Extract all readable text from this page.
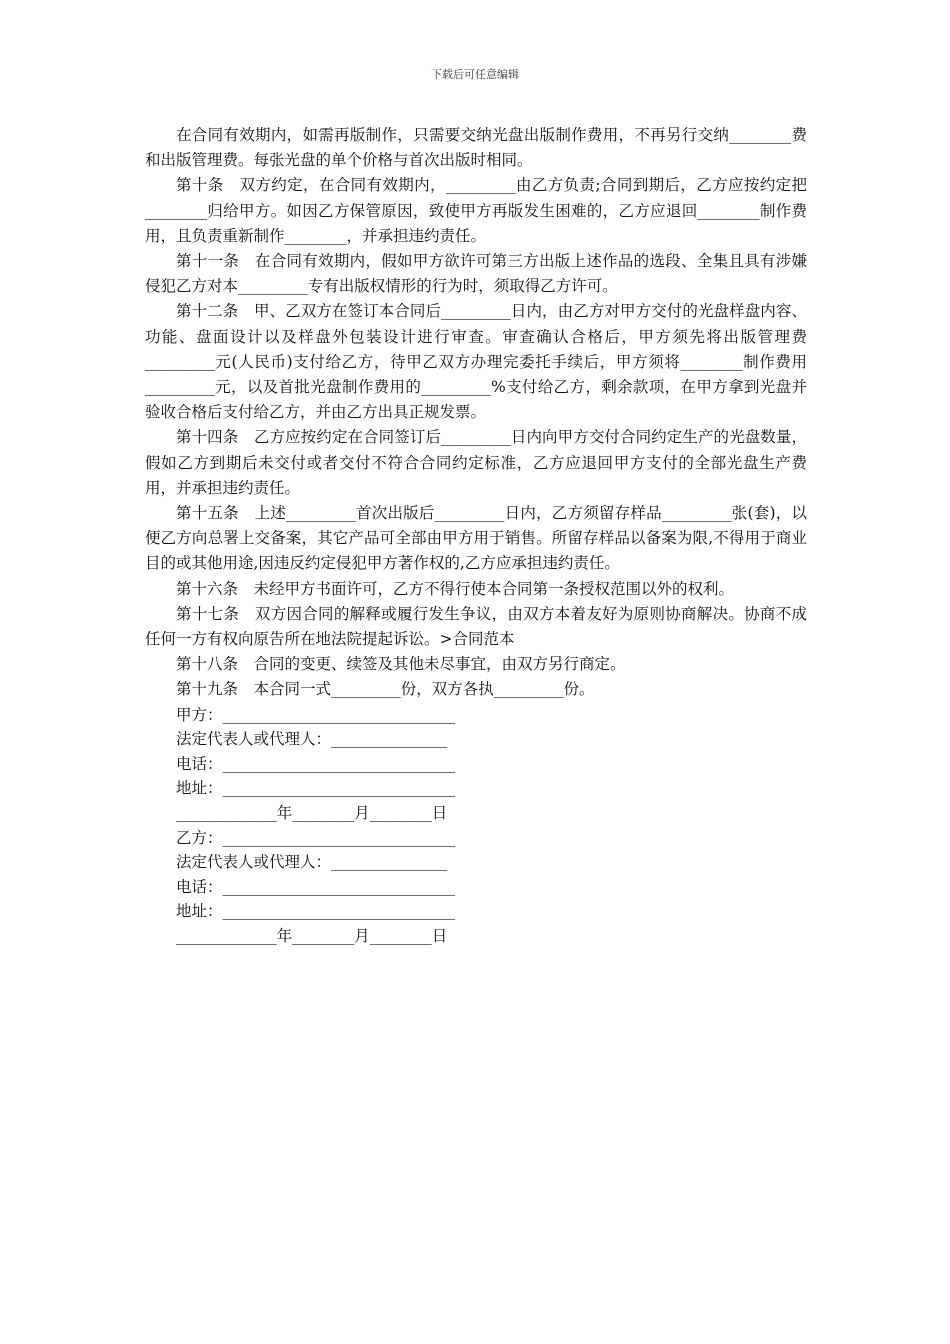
下载后可任意编辑

在合同有效期内，如需再版制作，只需要交纳光盘出版制作费用，不再另行交纳________费和出版管理费。每张光盘的单个价格与首次出版时相同。

第十条　双方约定，在合同有效期内，_________由乙方负责;合同到期后，乙方应按约定把________归给甲方。如因乙方保管原因，致使甲方再版发生困难的，乙方应退回________制作费用，且负责重新制作________，并承担违约责任。

第十一条　在合同有效期内，假如甲方欲许可第三方出版上述作品的选段、全集且具有涉嫌侵犯乙方对本_________专有出版权情形的行为时，须取得乙方许可。

第十二条　甲、乙双方在签订本合同后_________日内，由乙方对甲方交付的光盘样盘内容、功能、盘面设计以及样盘外包装设计进行审查。审查确认合格后，甲方须先将出版管理费_________元(人民币)支付给乙方，待甲乙双方办理完委托手续后，甲方须将________制作费用_________元，以及首批光盘制作费用的_________%支付给乙方，剩余款项，在甲方拿到光盘并验收合格后支付给乙方，并由乙方出具正规发票。

第十四条　乙方应按约定在合同签订后_________日内向甲方交付合同约定生产的光盘数量，假如乙方到期后未交付或者交付不符合合同约定标准，乙方应退回甲方支付的全部光盘生产费用，并承担违约责任。

第十五条　上述_________首次出版后_________日内，乙方须留存样品_________张(套)，以便乙方向总署上交备案，其它产品可全部由甲方用于销售。所留存样品以备案为限,不得用于商业目的或其他用途,因违反约定侵犯甲方著作权的,乙方应承担违约责任。

第十六条　未经甲方书面许可，乙方不得行使本合同第一条授权范围以外的权利。

第十七条　双方因合同的解释或履行发生争议，由双方本着友好为原则协商解决。协商不成任何一方有权向原告所在地法院提起诉讼。>合同范本

第十八条　合同的变更、续签及其他未尽事宜，由双方另行商定。

第十九条　本合同一式_________份，双方各执_________份。

甲方：______________________________

法定代表人或代理人：_______________

电话：______________________________

地址：______________________________

_____________年________月________日

乙方：______________________________

法定代表人或代理人：_______________

电话：______________________________

地址：______________________________

_____________年________月________日
